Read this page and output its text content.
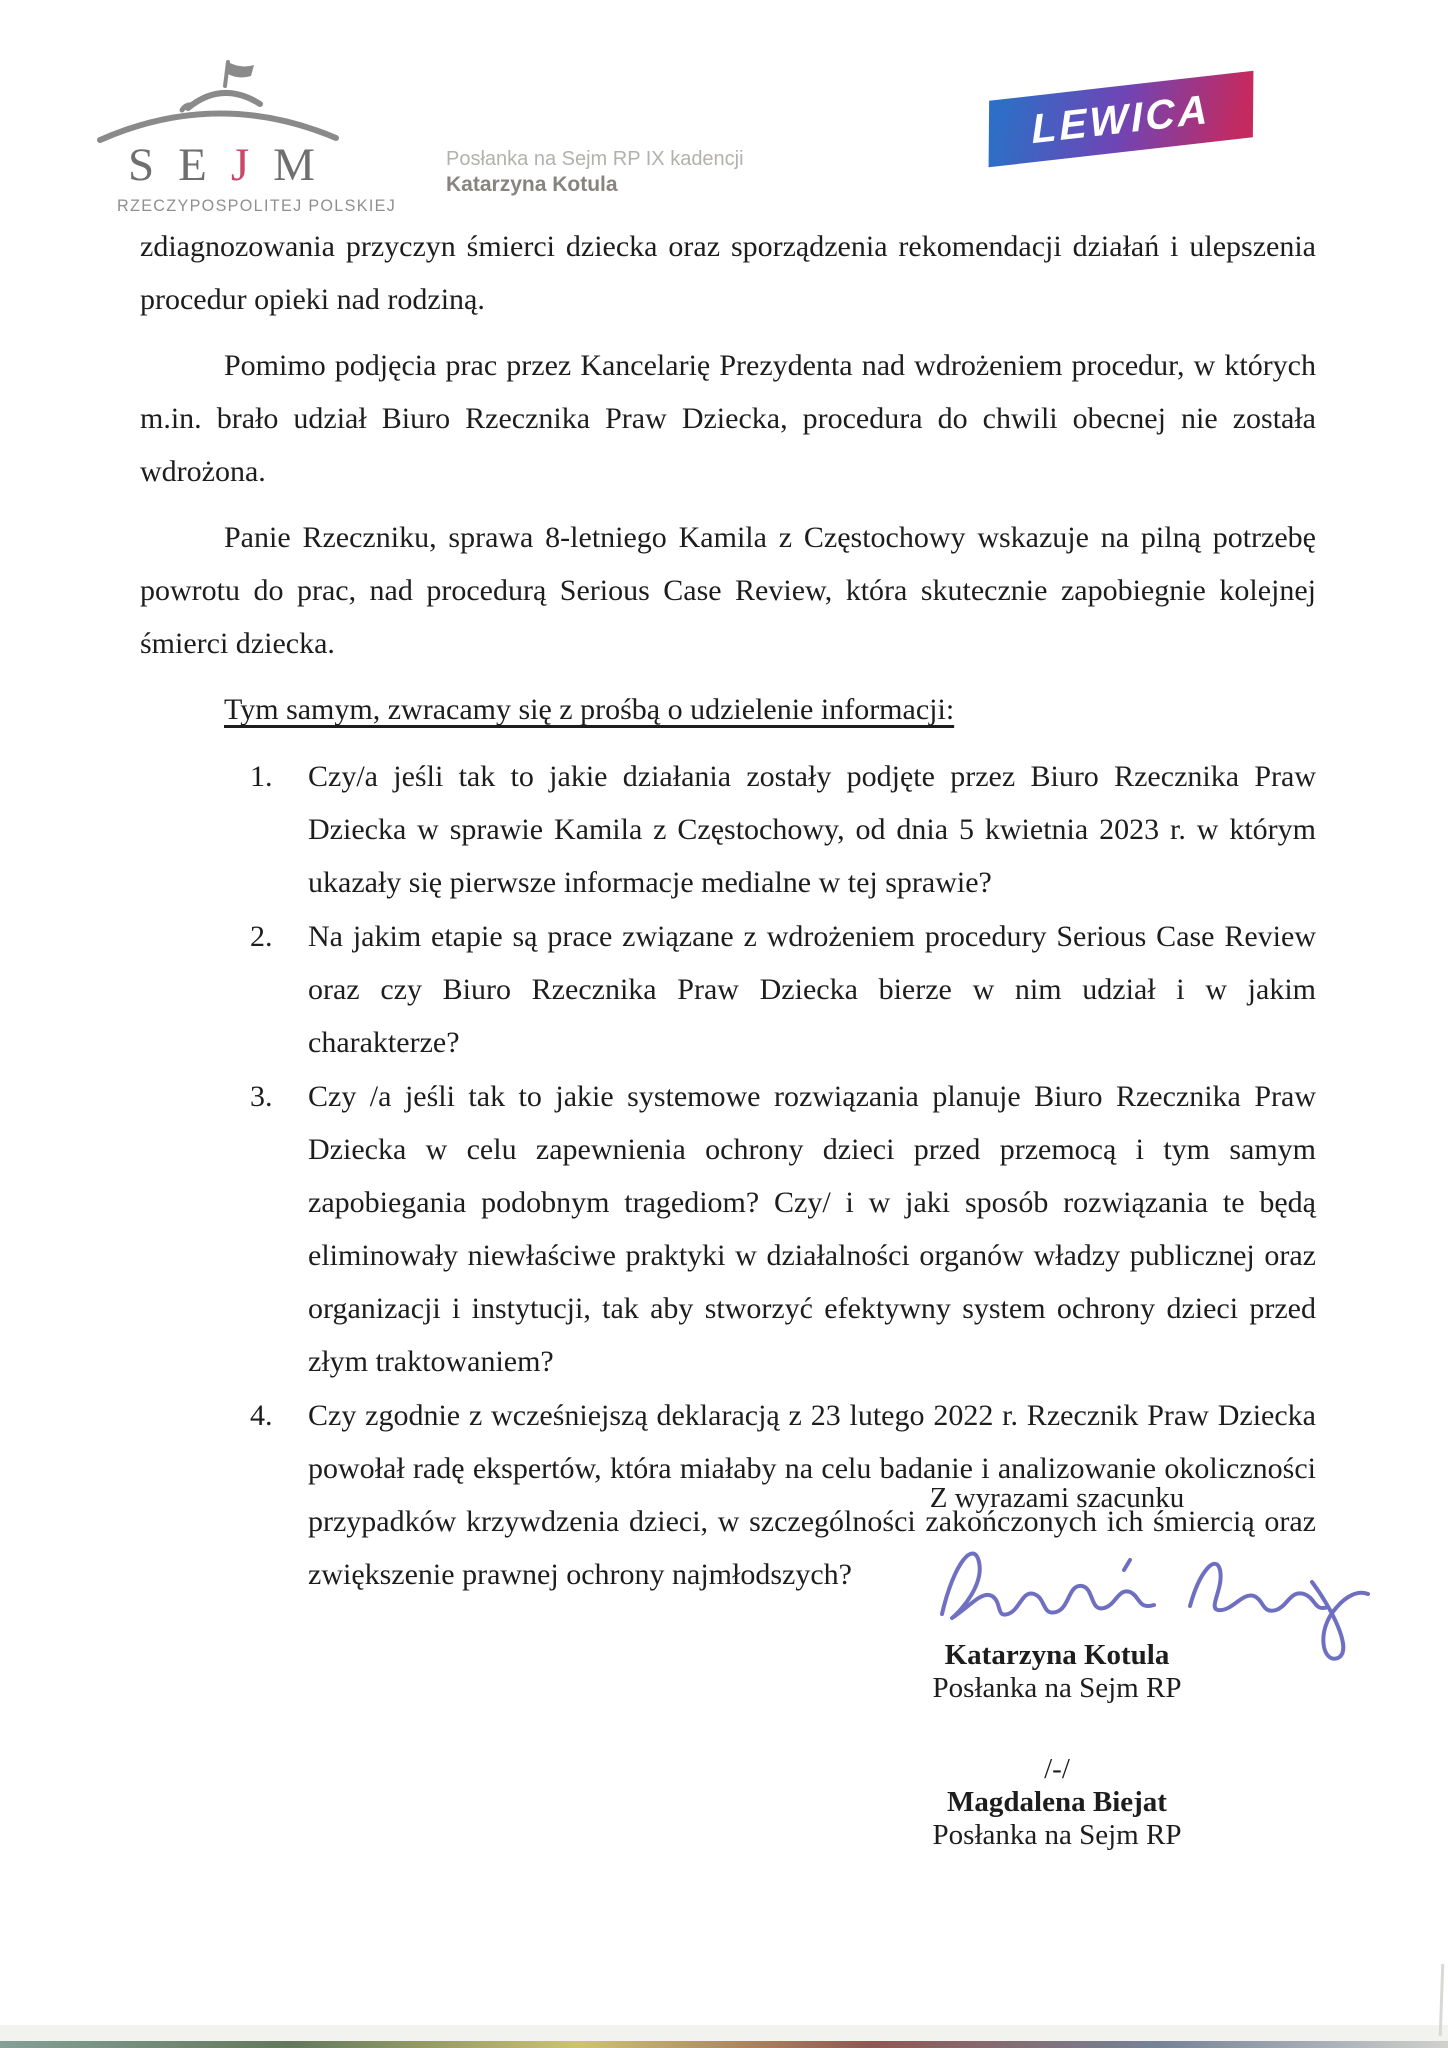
SEJM
RZECZYPOSPOLITEJ POLSKIEJ
Posłanka na Sejm RP IX kadencji
Katarzyna Kotula
LEWICA

zdiagnozowania przyczyn śmierci dziecka oraz sporządzenia rekomendacji działań i ulepszenia procedur opieki nad rodziną.

Pomimo podjęcia prac przez Kancelarię Prezydenta nad wdrożeniem procedur, w których m.in. brało udział Biuro Rzecznika Praw Dziecka, procedura do chwili obecnej nie została wdrożona.

Panie Rzeczniku, sprawa 8-letniego Kamila z Częstochowy wskazuje na pilną potrzebę powrotu do prac, nad procedurą Serious Case Review, która skutecznie zapobiegnie kolejnej śmierci dziecka.

Tym samym, zwracamy się z prośbą o udzielenie informacji:
1.	Czy/a jeśli tak to jakie działania zostały podjęte przez Biuro Rzecznika Praw Dziecka w sprawie Kamila z Częstochowy, od dnia 5 kwietnia 2023 r. w którym ukazały się pierwsze informacje medialne w tej sprawie?
2.	Na jakim etapie są prace związane z wdrożeniem procedury Serious Case Review oraz czy Biuro Rzecznika Praw Dziecka bierze w nim udział i w jakim charakterze?
3.	Czy /a jeśli tak to jakie systemowe rozwiązania planuje Biuro Rzecznika Praw Dziecka w celu zapewnienia ochrony dzieci przed przemocą i tym samym zapobiegania podobnym tragediom? Czy/ i w jaki sposób rozwiązania te będą eliminowały niewłaściwe praktyki w działalności organów władzy publicznej oraz organizacji i instytucji, tak aby stworzyć efektywny system ochrony dzieci przed złym traktowaniem?
4.	Czy zgodnie z wcześniejszą deklaracją z 23 lutego 2022 r. Rzecznik Praw Dziecka powołał radę ekspertów, która miałaby na celu badanie i analizowanie okoliczności przypadków krzywdzenia dzieci, w szczególności zakończonych ich śmiercią oraz zwiększenie prawnej ochrony najmłodszych?
Z wyrazami szacunku
Katarzyna Kotula
Posłanka na Sejm RP
/-/
Magdalena Biejat
Posłanka na Sejm RP
